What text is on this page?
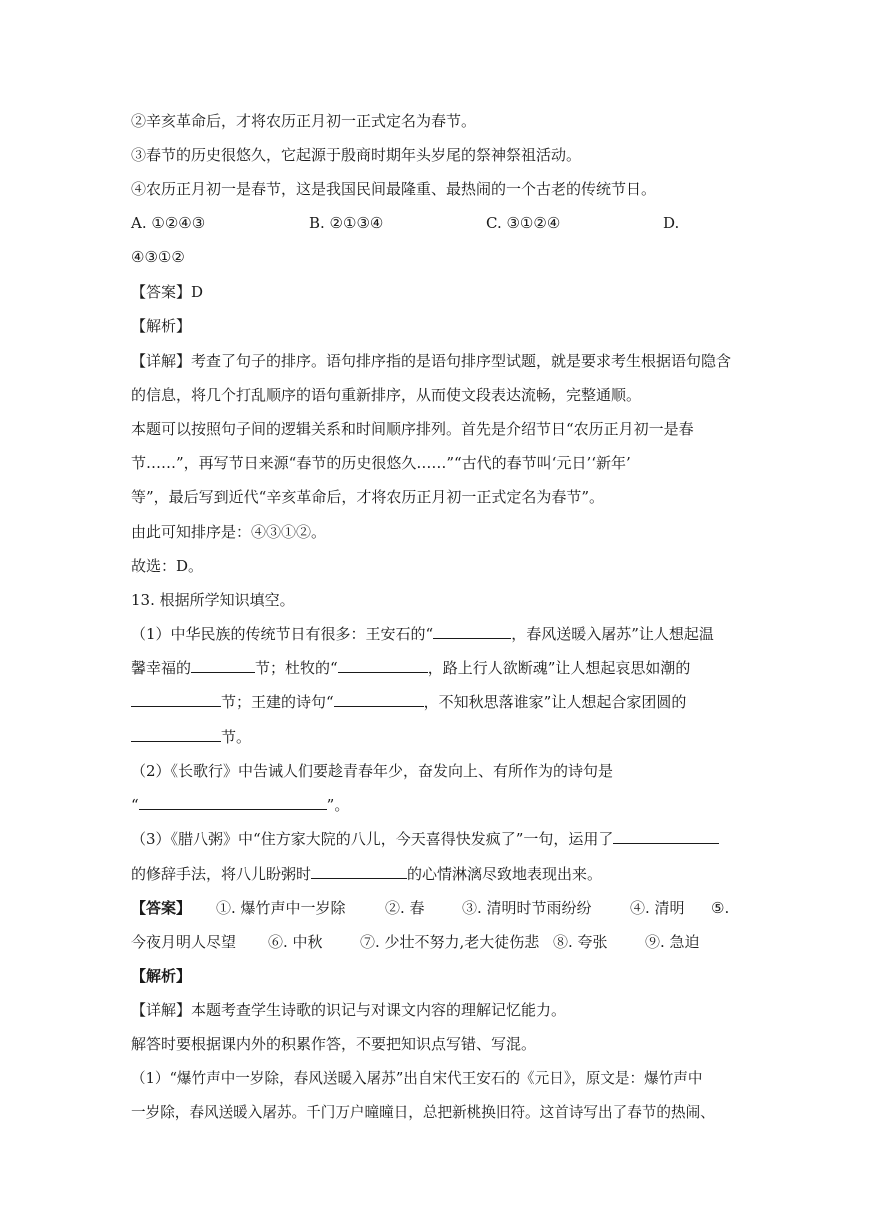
②辛亥革命后，才将农历正月初一正式定名为春节。
③春节的历史很悠久，它起源于殷商时期年头岁尾的祭神祭祖活动。
④农历正月初一是春节，这是我国民间最隆重、最热闹的一个古老的传统节日。
A. ①②④③	B. ②①③④	C. ③①②④	D.
④③①②
【答案】D
【解析】
【详解】考查了句子的排序。语句排序指的是语句排序型试题，就是要求考生根据语句隐含
的信息，将几个打乱顺序的语句重新排序，从而使文段表达流畅，完整通顺。
本题可以按照句子间的逻辑关系和时间顺序排列。首先是介绍节日“农历正月初一是春
节……”，再写节日来源“春节的历史很悠久……”“古代的春节叫‘元日’‘新年’
等”，最后写到近代“辛亥革命后，才将农历正月初一正式定名为春节”。
由此可知排序是：④③①②。
故选：D。
13. 根据所学知识填空。
（1）中华民族的传统节日有很多：王安石的“	，春风送暖入屠苏”让人想起温
馨幸福的	节；杜牧的“	，路上行人欲断魂”让人想起哀思如潮的
节；王建的诗句“	，不知秋思落谁家”让人想起合家团圆的
节。
（2）《长歌行》中告诫人们要趁青春年少，奋发向上、有所作为的诗句是
“	”。
（3）《腊八粥》中“住方家大院的八儿，今天喜得快发疯了”一句，运用了
的修辞手法，将八儿盼粥时	的心情淋漓尽致地表现出来。
【答案】 ①. 爆竹声中一岁除	②. 春 ③. 清明时节雨纷纷	④. 清明 ⑤.
今夜月明人尽望 ⑥. 中秋 ⑦. 少壮不努力,老大徒伤悲 ⑧. 夸张 ⑨. 急迫
【解析】
【详解】本题考查学生诗歌的识记与对课文内容的理解记忆能力。
解答时要根据课内外的积累作答，不要把知识点写错、写混。
（1）“爆竹声中一岁除，春风送暖入屠苏”出自宋代王安石的《元日》，原文是：爆竹声中
一岁除，春风送暖入屠苏。千门万户曈曈日，总把新桃换旧符。这首诗写出了春节的热闹、
